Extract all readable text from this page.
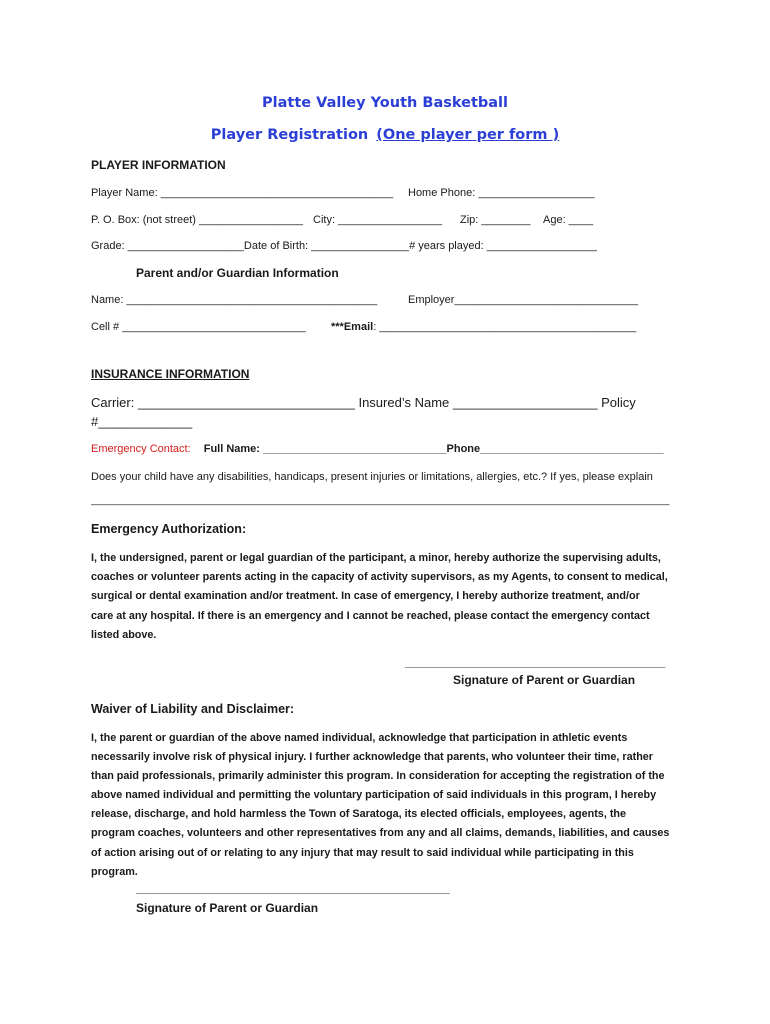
Platte Valley Youth Basketball
Player Registration (One player per form )
PLAYER INFORMATION
Player Name: ______________________________________ Home Phone: ___________________
P. O. Box: (not street) _________________ City: _________________ Zip: ________ Age: ____
Grade: ___________________Date of Birth: ________________# years played: __________________
Parent and/or Guardian Information
Name: _________________________________________	Employer______________________________
Cell # ______________________________ ***Email: __________________________________________
INSURANCE INFORMATION
Carrier: ______________________________ Insured’s Name ____________________ Policy
#_____________
Emergency Contact: Full Name: ______________________________Phone______________________________
Does your child have any disabilities, handicaps, present injuries or limitations, allergies, etc.? If yes, please explain
________________________________________________________________________________________________________
Emergency Authorization:

I, the undersigned, parent or legal guardian of the participant, a minor, hereby authorize the supervising adults,

coaches or volunteer parents acting in the capacity of activity supervisors, as my Agents, to consent to medical,

surgical or dental examination and/or treatment. In case of emergency, I hereby authorize treatment, and/or

care at any hospital. If there is an emergency and I cannot be reached, please contact the emergency contact

listed above.

_______________________________________
Signature of Parent or Guardian
Waiver of Liability and Disclaimer:

I, the parent or guardian of the above named individual, acknowledge that participation in athletic events

necessarily involve risk of physical injury. I further acknowledge that parents, who volunteer their time, rather

than paid professionals, primarily administer this program. In consideration for accepting the registration of the

above named individual and permitting the voluntary participation of said individuals in this program, I hereby

release, discharge, and hold harmless the Town of Saratoga, its elected officials, employees, agents, the

program coaches, volunteers and other representatives from any and all claims, demands, liabilities, and causes

of action arising out of or relating to any injury that may result to said individual while participating in this

program.

_______________________________________________
Signature of Parent or Guardian
